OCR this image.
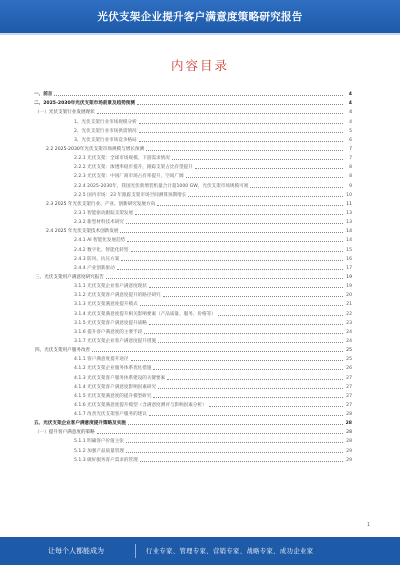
光伏支架企业提升客户满意度策略研究报告
内容目录
一、前言	4
二、2025-2030年光伏支架市场前景及趋势预测	4
（一）光伏支架行业发展现状	4
1、光伏支架行业市场规模分析	4
2、光伏支架行业市场供需情况	5
3、光伏支架行业市场竞争格局	6
2.2 2025-2030年光伏支架市场规模与增长预测	7
2.2.1 光伏支架：全球市场规模、下游需求情况	7
2.2.2 光伏支架：渗透率稳步提升，跟踪支架占比有望提升	8
2.2.3 光伏支架：中国厂商市场占有率提升，空间广阔	8
2.2.4 2025-2030年，我国光伏新增装机量合计超1000 GW，光伏支架市场规模可观	9
2.2.5 国内市场：23 年跟踪支架市场空间测算预期增长	10
2.3 2025 年光伏支架行业、产业、创新研究发展方向	11
2.3.1 智能驱动跟踪支架发展	13
2.3.2 新型材料技术研究	13
2.4 2025 年光伏支架技术创新发展	14
2.4.1 AI 智能化发展趋势	14
2.4.2 数字化、智能化转型	15
2.4.3 防风、抗压方案	16
2.4.4 产业创新驱动	17
三、光伏支架用户满意度研究报告	19
3.1.1 光伏支架企业客户满意度现状	19
3.1.2 光伏支架客户满意度提升的路径研究	20
3.1.3 光伏支架满意度提升模式	21
3.1.4 光伏支架满意度提升相关影响要素（产品质量、服务、价格等）	22
3.1.5 光伏支架客户满意度提升战略	23
3.1.6 提升客户满意度的主要手段	24
3.1.7 光伏支架企业客户满意度提升措施	24
四、光伏支架用户服务改善	25
4.1.1 客户满意度提升途径	25
4.1.2 光伏支架企业服务体系优化措施	26
4.1.3 光伏支架客户服务体系建设的关键要素	27
4.1.4 光伏支架客户满意度影响因素研究	27
4.1.5 光伏支架满意度的提升模型研究	27
4.1.6 光伏支架满意度提升模型（含满意度测评与影响因素分析）	27
4.1.7 改善光伏支架客户服务的建议	28
五、光伏支架企业客户满意度提升策略及实施	28
（一）提升客户满意度的策略	28
5.1.1 明确客户价值主张	28
5.1.2 加强产品质量管理	29
5.1.3 做好服务客户需求的管理	29
1
让每个人都能成为	行业专家、管理专家、营销专家、战略专家、成功企业家
